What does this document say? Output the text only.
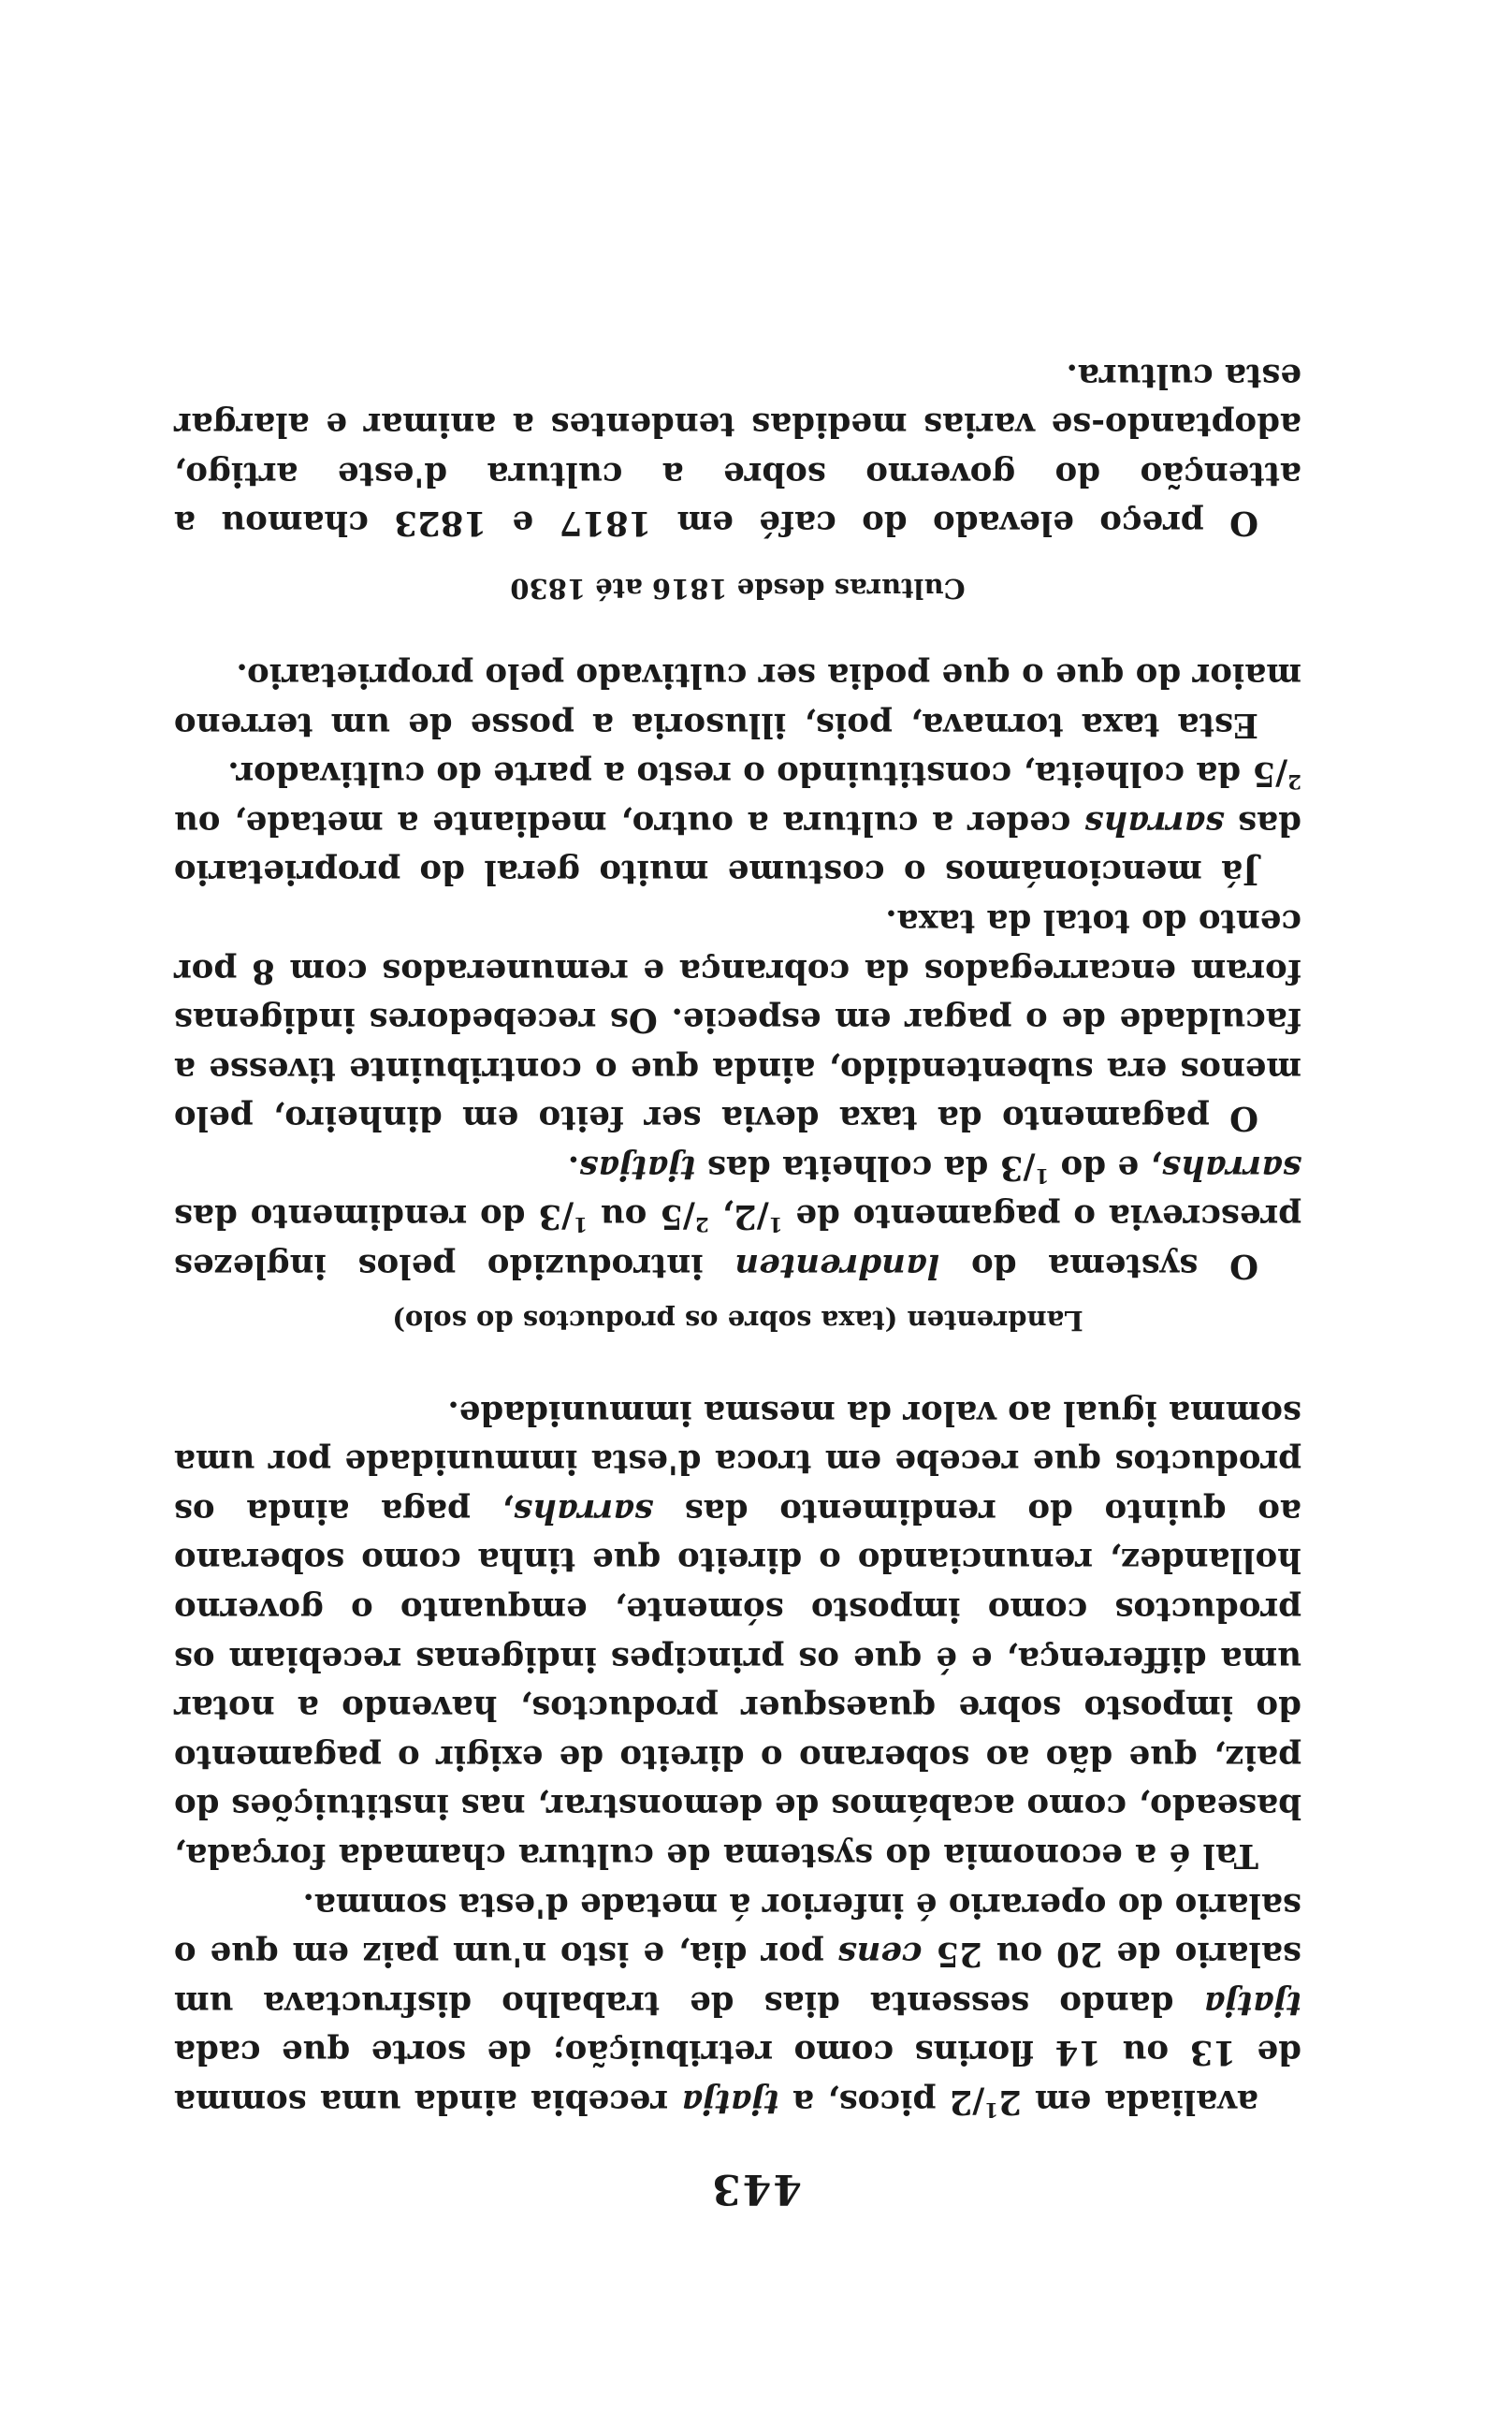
443

avaliada em $2^1/2$ picos, a tjatja recebia ainda uma somma de 13 ou 14 florins como retribuição; de sorte que cada tjatja dando sessenta dias de trabalho disfructava um salario de 20 ou 25 cens por dia, e isto n'um paiz em que o salario do operario é inferior á metade d'esta somma.

Tal é a economia do systema de cultura chamada forçada, baseado, como acabámos de demonstrar, nas instituições do paiz, que dão ao soberano o direito de exigir o pagamento do imposto sobre quaesquer productos, havendo a notar uma differença, e é que os principes indigenas recebiam os productos como imposto sómente, emquanto o governo hollandez, renunciando o direito que tinha como soberano ao quinto do rendimento das sarrahs, paga ainda os productos que recebe em troca d'esta immunidade por uma somma igual ao valor da mesma immunidade.

Landrenten (taxa sobre os productos do solo)

O systema do landrenten introduzido pelos inglezes prescrevia o pagamento de $^1$/2, $^2$/5 ou $^1$/3 do rendimento das sarrahs, e do $^1$/3 da colheita das tjatjas.

O pagamento da taxa devia ser feito em dinheiro, pelo menos era subentendido, ainda que o contribuinte tivesse a faculdade de o pagar em especie. Os recebedores indigenas foram encarregados da cobrança e remunerados com 8 por cento do total da taxa.

Já mencionámos o costume muito geral do proprietario das sarrahs ceder a cultura a outro, mediante a metade, ou $^2$/5 da colheita, constituindo o resto a parte do cultivador.

Esta taxa tornava, pois, illusoria a posse de um terreno maior do que o que podia ser cultivado pelo proprietario.

Culturas desde 1816 até 1830

O preço elevado do café em 1817 e 1823 chamou a attenção do governo sobre a cultura d'este artigo, adoptando-se varias medidas tendentes a animar e alargar esta cultura.
